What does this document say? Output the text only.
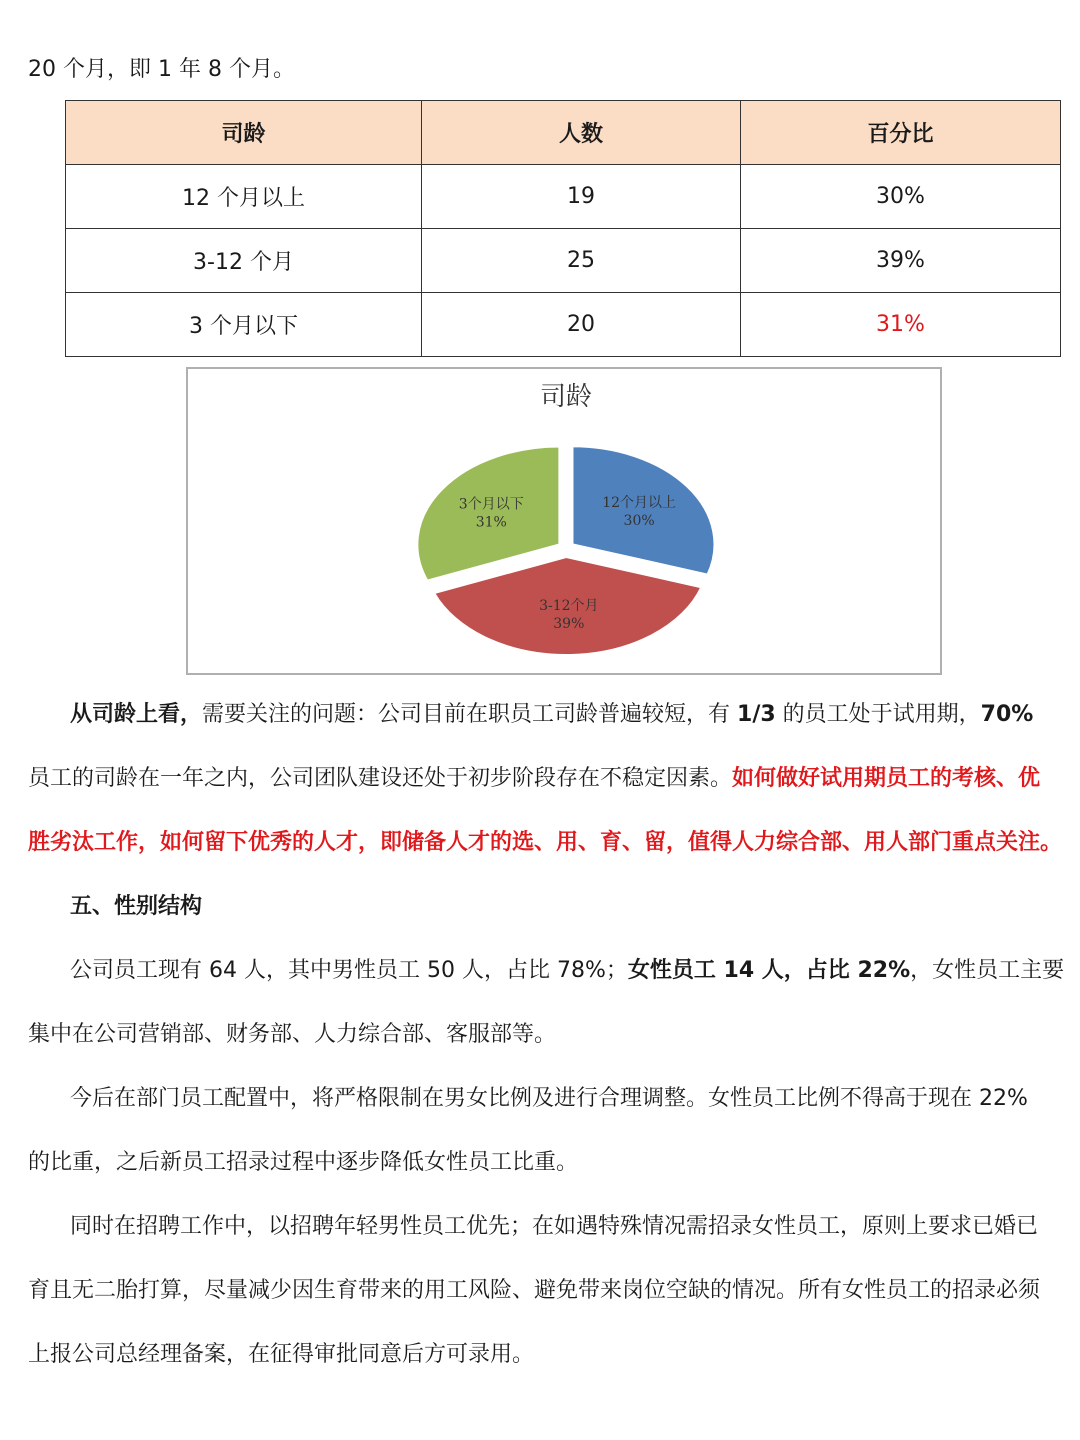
20 个月，即 1 年 8 个月。
司龄	人数	百分比
12 个月以上	19	30%
3-12 个月	25	39%
3 个月以下	20	31%
司龄
12个月以上
30%
3-12个月
39%
3个月以下
31%
从司龄上看，需要关注的问题：公司目前在职员工司龄普遍较短，有 1/3 的员工处于试用期，70%
员工的司龄在一年之内，公司团队建设还处于初步阶段存在不稳定因素。如何做好试用期员工的考核、优
胜劣汰工作，如何留下优秀的人才，即储备人才的选、用、育、留，值得人力综合部、用人部门重点关注。
五、性别结构
公司员工现有 64 人，其中男性员工 50 人，占比 78%；女性员工 14 人，占比 22%，女性员工主要
集中在公司营销部、财务部、人力综合部、客服部等。
今后在部门员工配置中，将严格限制在男女比例及进行合理调整。女性员工比例不得高于现在 22%
的比重，之后新员工招录过程中逐步降低女性员工比重。
同时在招聘工作中，以招聘年轻男性员工优先；在如遇特殊情况需招录女性员工，原则上要求已婚已
育且无二胎打算，尽量减少因生育带来的用工风险、避免带来岗位空缺的情况。所有女性员工的招录必须
上报公司总经理备案，在征得审批同意后方可录用。
